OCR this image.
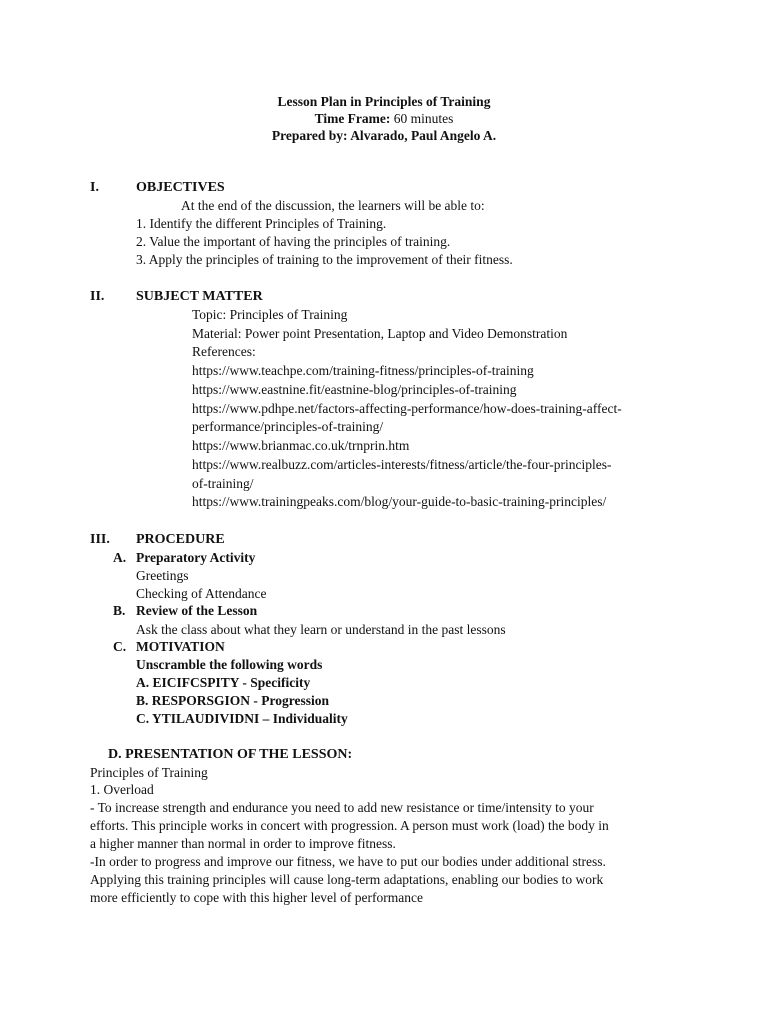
Lesson Plan in Principles of Training
Time Frame: 60 minutes
Prepared by: Alvarado, Paul Angelo A.
I.	OBJECTIVES
At the end of the discussion, the learners will be able to:
1. Identify the different Principles of Training.
2. Value the important of having the principles of training.
3. Apply the principles of training to the improvement of their fitness.
II. SUBJECT MATTER
Topic: Principles of Training
Material: Power point Presentation, Laptop and Video Demonstration
References:
https://www.teachpe.com/training-fitness/principles-of-training
https://www.eastnine.fit/eastnine-blog/principles-of-training
https://www.pdhpe.net/factors-affecting-performance/how-does-training-affect-
performance/principles-of-training/
https://www.brianmac.co.uk/trnprin.htm
https://www.realbuzz.com/articles-interests/fitness/article/the-four-principles-
of-training/
https://www.trainingpeaks.com/blog/your-guide-to-basic-training-principles/
III. PROCEDURE
A. Preparatory Activity
Greetings
Checking of Attendance
B. Review of the Lesson
Ask the class about what they learn or understand in the past lessons
C. MOTIVATION
Unscramble the following words
A. EICIFCSPITY - Specificity
B. RESPORSGION - Progression
C. YTILAUDIVIDNI – Individuality
D. PRESENTATION OF THE LESSON:
Principles of Training
1. Overload
- To increase strength and endurance you need to add new resistance or time/intensity to your
efforts. This principle works in concert with progression. A person must work (load) the body in
a higher manner than normal in order to improve fitness.
-In order to progress and improve our fitness, we have to put our bodies under additional stress.
Applying this training principles will cause long-term adaptations, enabling our bodies to work
more efficiently to cope with this higher level of performance
